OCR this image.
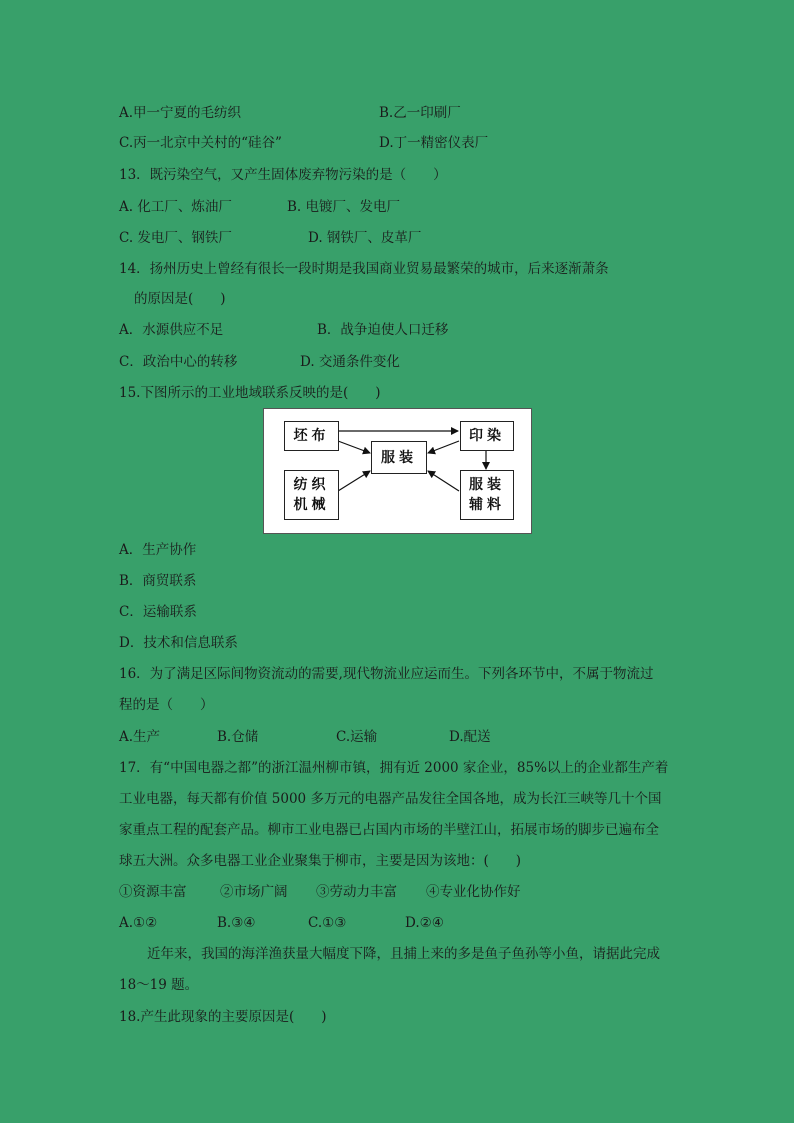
A.甲一宁夏的毛纺织	B.乙一印刷厂
C.丙一北京中关村的“硅谷”	D.丁一精密仪表厂
13．既污染空气，又产生固体废弃物污染的是（　　）
A. 化工厂、炼油厂	B. 电镀厂、发电厂
C. 发电厂、钢铁厂	D. 钢铁厂、皮革厂
14．扬州历史上曾经有很长一段时期是我国商业贸易最繁荣的城市，后来逐渐萧条
的原因是(　　)
A．水源供应不足	B．战争迫使人口迁移
C．政治中心的转移	D. 交通条件变化
15.下图所示的工业地域联系反映的是(　　)
坯布	印染
服装
纺织
机械
服装
辅料
A．生产协作
B．商贸联系
C．运输联系
D．技术和信息联系
16．为了满足区际间物资流动的需要,现代物流业应运而生。下列各环节中，不属于物流过
程的是（　　）
A.生产	B.仓储	C.运输	D.配送
17．有“中国电器之都”的浙江温州柳市镇，拥有近 2000 家企业，85%以上的企业都生产着
工业电器，每天都有价值 5000 多万元的电器产品发往全国各地，成为长江三峡等几十个国
家重点工程的配套产品。柳市工业电器已占国内市场的半壁江山，拓展市场的脚步已遍布全
球五大洲。众多电器工业企业聚集于柳市，主要是因为该地：(　　)
①资源丰富 ②市场广阔 ③劳动力丰富 ④专业化协作好
A.①②	B.③④	C.①③	D.②④
近年来，我国的海洋渔获量大幅度下降，且捕上来的多是鱼子鱼孙等小鱼，请据此完成
18～19 题。
18.产生此现象的主要原因是(　　)
